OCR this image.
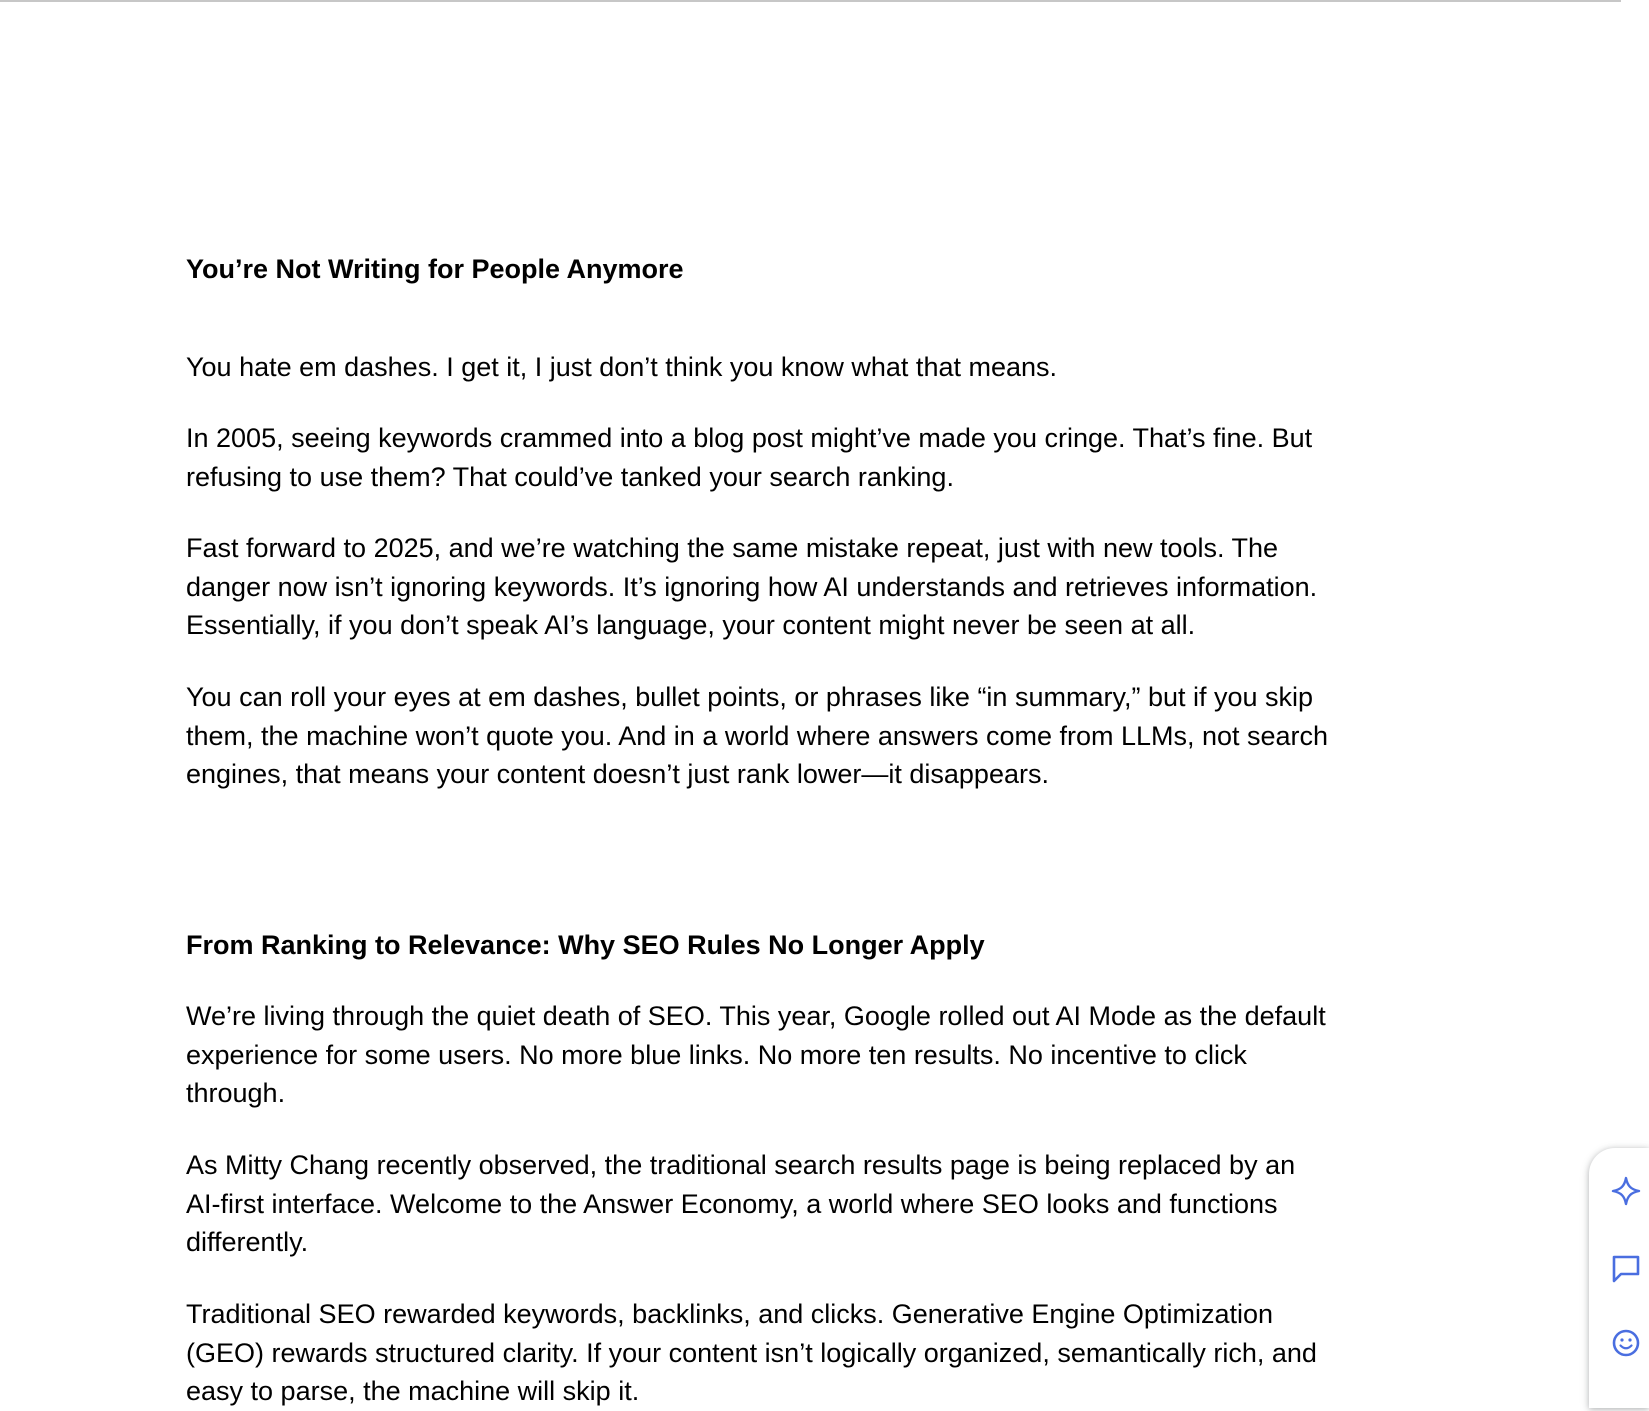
You’re Not Writing for People Anymore

You hate em dashes. I get it, I just don’t think you know what that means.

In 2005, seeing keywords crammed into a blog post might’ve made you cringe. That’s fine. But
refusing to use them? That could’ve tanked your search ranking.

Fast forward to 2025, and we’re watching the same mistake repeat, just with new tools. The
danger now isn’t ignoring keywords. It’s ignoring how AI understands and retrieves information.
Essentially, if you don’t speak AI’s language, your content might never be seen at all.

You can roll your eyes at em dashes, bullet points, or phrases like “in summary,” but if you skip
them, the machine won’t quote you. And in a world where answers come from LLMs, not search
engines, that means your content doesn’t just rank lower—it disappears.

From Ranking to Relevance: Why SEO Rules No Longer Apply

We’re living through the quiet death of SEO. This year, Google rolled out AI Mode as the default
experience for some users. No more blue links. No more ten results. No incentive to click
through.

As Mitty Chang recently observed, the traditional search results page is being replaced by an
AI-first interface. Welcome to the Answer Economy, a world where SEO looks and functions
differently.

Traditional SEO rewarded keywords, backlinks, and clicks. Generative Engine Optimization
(GEO) rewards structured clarity. If your content isn’t logically organized, semantically rich, and
easy to parse, the machine will skip it.
